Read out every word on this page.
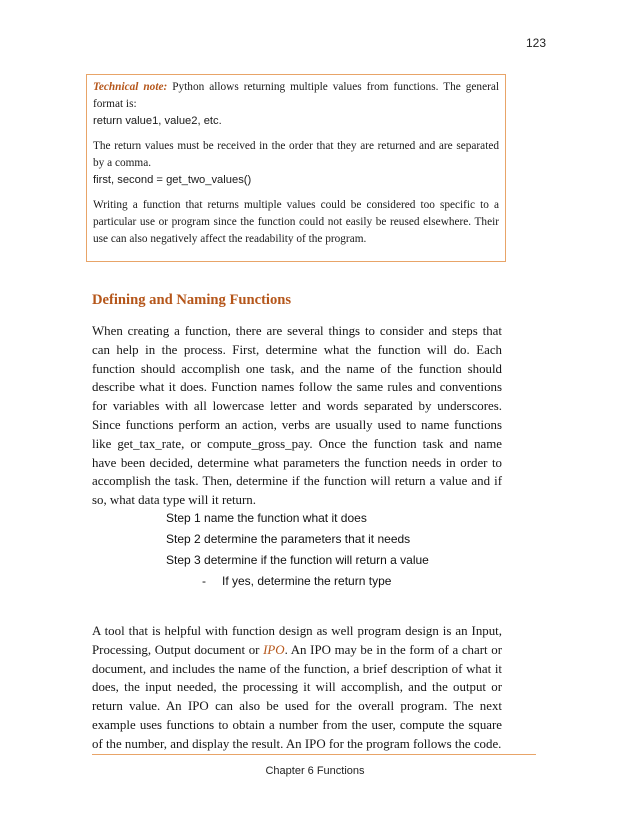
123

Technical note: Python allows returning multiple values from functions. The general format is:

return value1, value2, etc.

The return values must be received in the order that they are returned and are separated by a comma.

first, second = get_two_values()

Writing a function that returns multiple values could be considered too specific to a particular use or program since the function could not easily be reused elsewhere. Their use can also negatively affect the readability of the program.

Defining and Naming Functions

When creating a function, there are several things to consider and steps that can help in the process. First, determine what the function will do. Each function should accomplish one task, and the name of the function should describe what it does. Function names follow the same rules and conventions for variables with all lowercase letter and words separated by underscores. Since functions perform an action, verbs are usually used to name functions like get_tax_rate, or compute_gross_pay. Once the function task and name have been decided, determine what parameters the function needs in order to accomplish the task. Then, determine if the function will return a value and if so, what data type will it return.

Step 1 name the function what it does
Step 2 determine the parameters that it needs
Step 3 determine if the function will return a value
- If yes, determine the return type

A tool that is helpful with function design as well program design is an Input, Processing, Output document or IPO. An IPO may be in the form of a chart or document, and includes the name of the function, a brief description of what it does, the input needed, the processing it will accomplish, and the output or return value. An IPO can also be used for the overall program. The next example uses functions to obtain a number from the user, compute the square of the number, and display the result. An IPO for the program follows the code.

Chapter 6 Functions
